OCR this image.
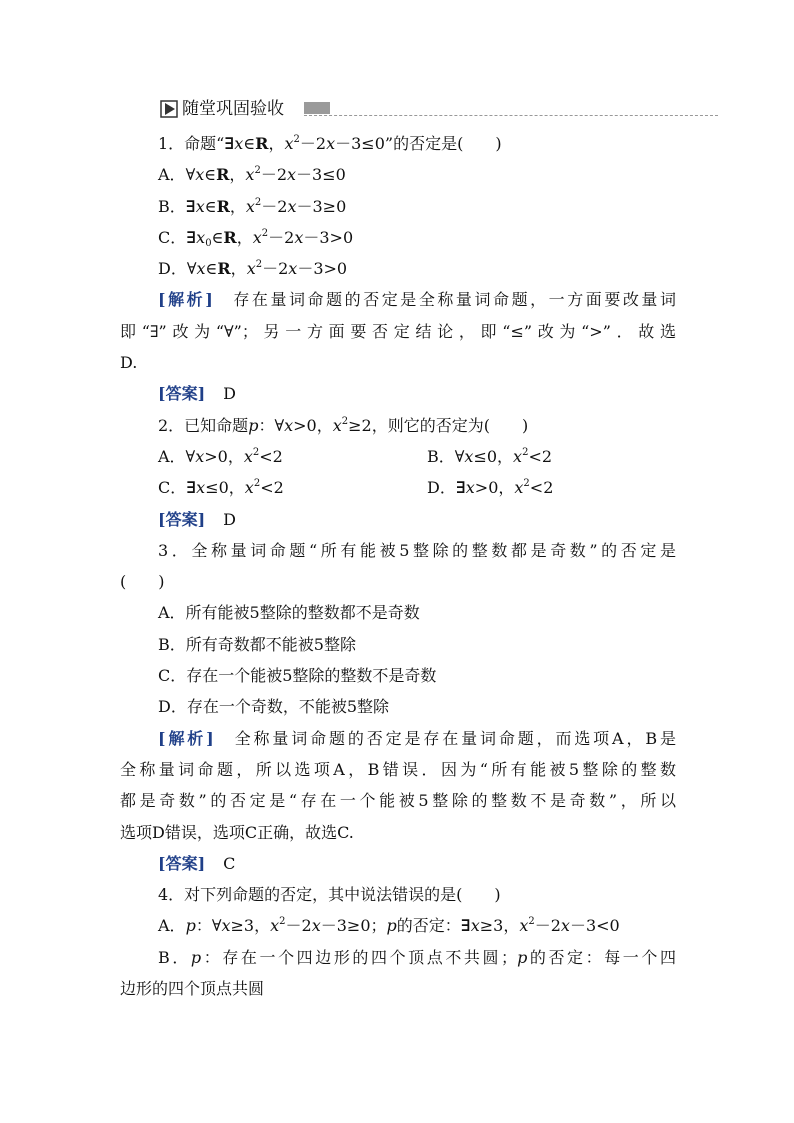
随堂巩固验收
1．命题“∃x∈R，$x^2-2x-3\le 0$”的否定是(　　)
A．∀x∈R，$x^2-2x-3\le 0$
B．∃x∈R，$x^2-2x-3\ge 0$
C．$\exists x_0\in R$，$x^2-2x-3>0$
D．∀x∈R，$x^2-2x-3>0$
[解析] 存在量词命题的否定是全称量词命题，一方面要改量词
即“∃”改为“∀”；另一方面要否定结论，即“≤”改为“>”．故选
D.
[答案] D
2．已知命题p：∀x>0，$x^2\ge 2$，则它的否定为(　　)
A．∀x>0，$x^2<2$	B．∀x≤0，$x^2<2$
C．∃x≤0，$x^2<2$	D．∃x>0，$x^2<2$
[答案] D
3．全称量词命题“所有能被5整除的整数都是奇数”的否定是
(　　)
A．所有能被5整除的整数都不是奇数
B．所有奇数都不能被5整除
C．存在一个能被5整除的整数不是奇数
D．存在一个奇数，不能被5整除
[解析] 全称量词命题的否定是存在量词命题，而选项A，B是
全称量词命题，所以选项A，B错误．因为“所有能被5整除的整数
都是奇数”的否定是“存在一个能被5整除的整数不是奇数”，所以
选项D错误，选项C正确，故选C.
[答案] C
4．对下列命题的否定，其中说法错误的是(　　)
A．p：∀x≥3，$x^2-2x-3\ge 0$；p的否定：∃x≥3，$x^2-2x-3<0$
B．p：存在一个四边形的四个顶点不共圆；p的否定：每一个四
边形的四个顶点共圆
